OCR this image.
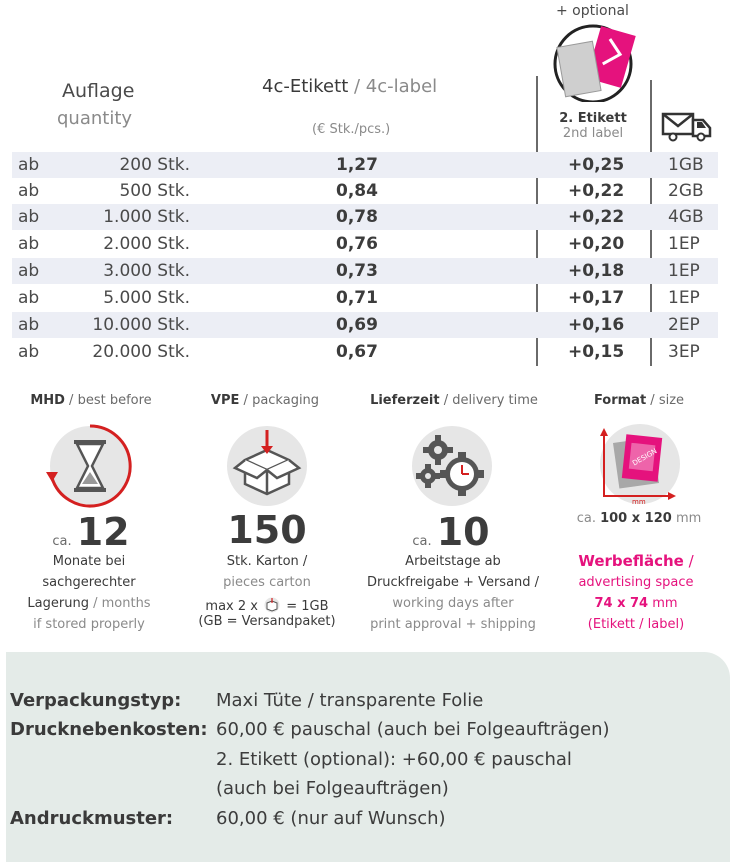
Auflage
quantity
4c-Etikett / 4c-label
(€ Stk./pcs.)
+ optional
2. Etikett
2nd label
ab	200 Stk.	1,27	+0,25	1GB
ab	500 Stk.	0,84	+0,22	2GB
ab	1.000 Stk.	0,78	+0,22	4GB
ab	2.000 Stk.	0,76	+0,20	1EP
ab	3.000 Stk.	0,73	+0,18	1EP
ab	5.000 Stk.	0,71	+0,17	1EP
ab	10.000 Stk.	0,69	+0,16	2EP
ab	20.000 Stk.	0,67	+0,15	3EP
MHD / best before
ca. 12
Monate bei
sachgerechter
Lagerung / months
if stored properly
VPE / packaging
150
Stk. Karton /
pieces carton
max 2 x = 1GB
(GB = Versandpaket)
Lieferzeit / delivery time
ca. 10
Arbeitstage ab
Druckfreigabe + Versand /
working days after
print approval + shipping
Format / size
DESIGN
mm
ca. 100 x 120 mm
Werbefläche /
advertising space
74 x 74 mm
(Etikett / label)
Verpackungstyp: Maxi Tüte / transparente Folie
Drucknebenkosten: 60,00 € pauschal (auch bei Folgeaufträgen)
2. Etikett (optional): +60,00 € pauschal
(auch bei Folgeaufträgen)
Andruckmuster: 60,00 € (nur auf Wunsch)
